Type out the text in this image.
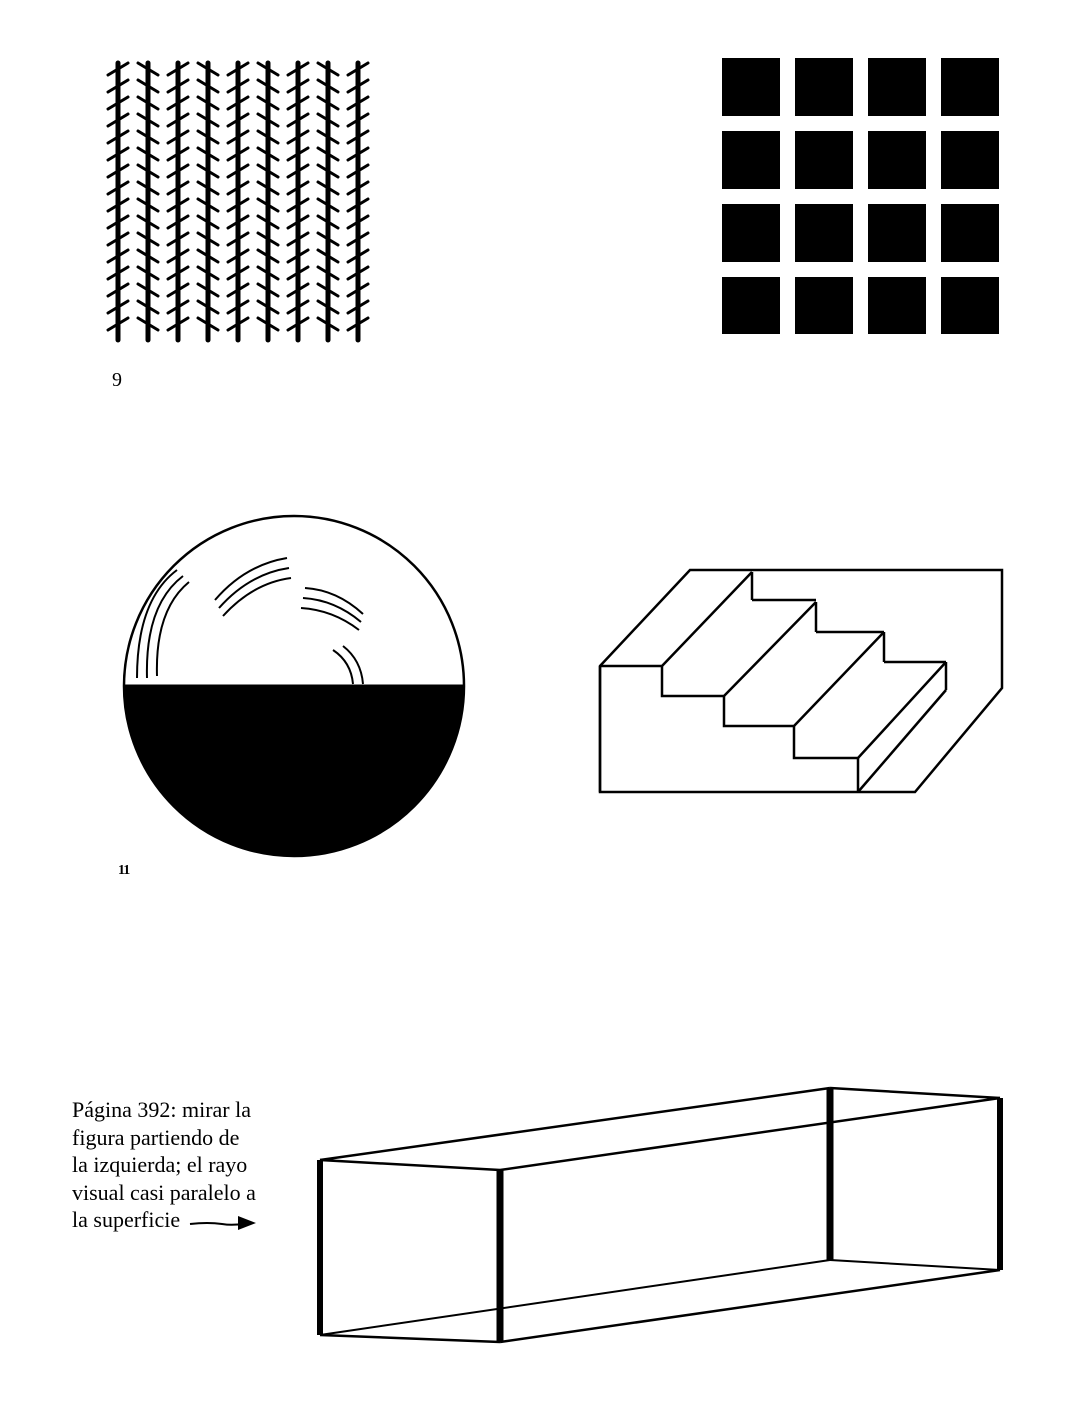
9
11

Página 392: mirar la
figura partiendo de
la izquierda; el rayo
visual casi paralelo a
la superficie
